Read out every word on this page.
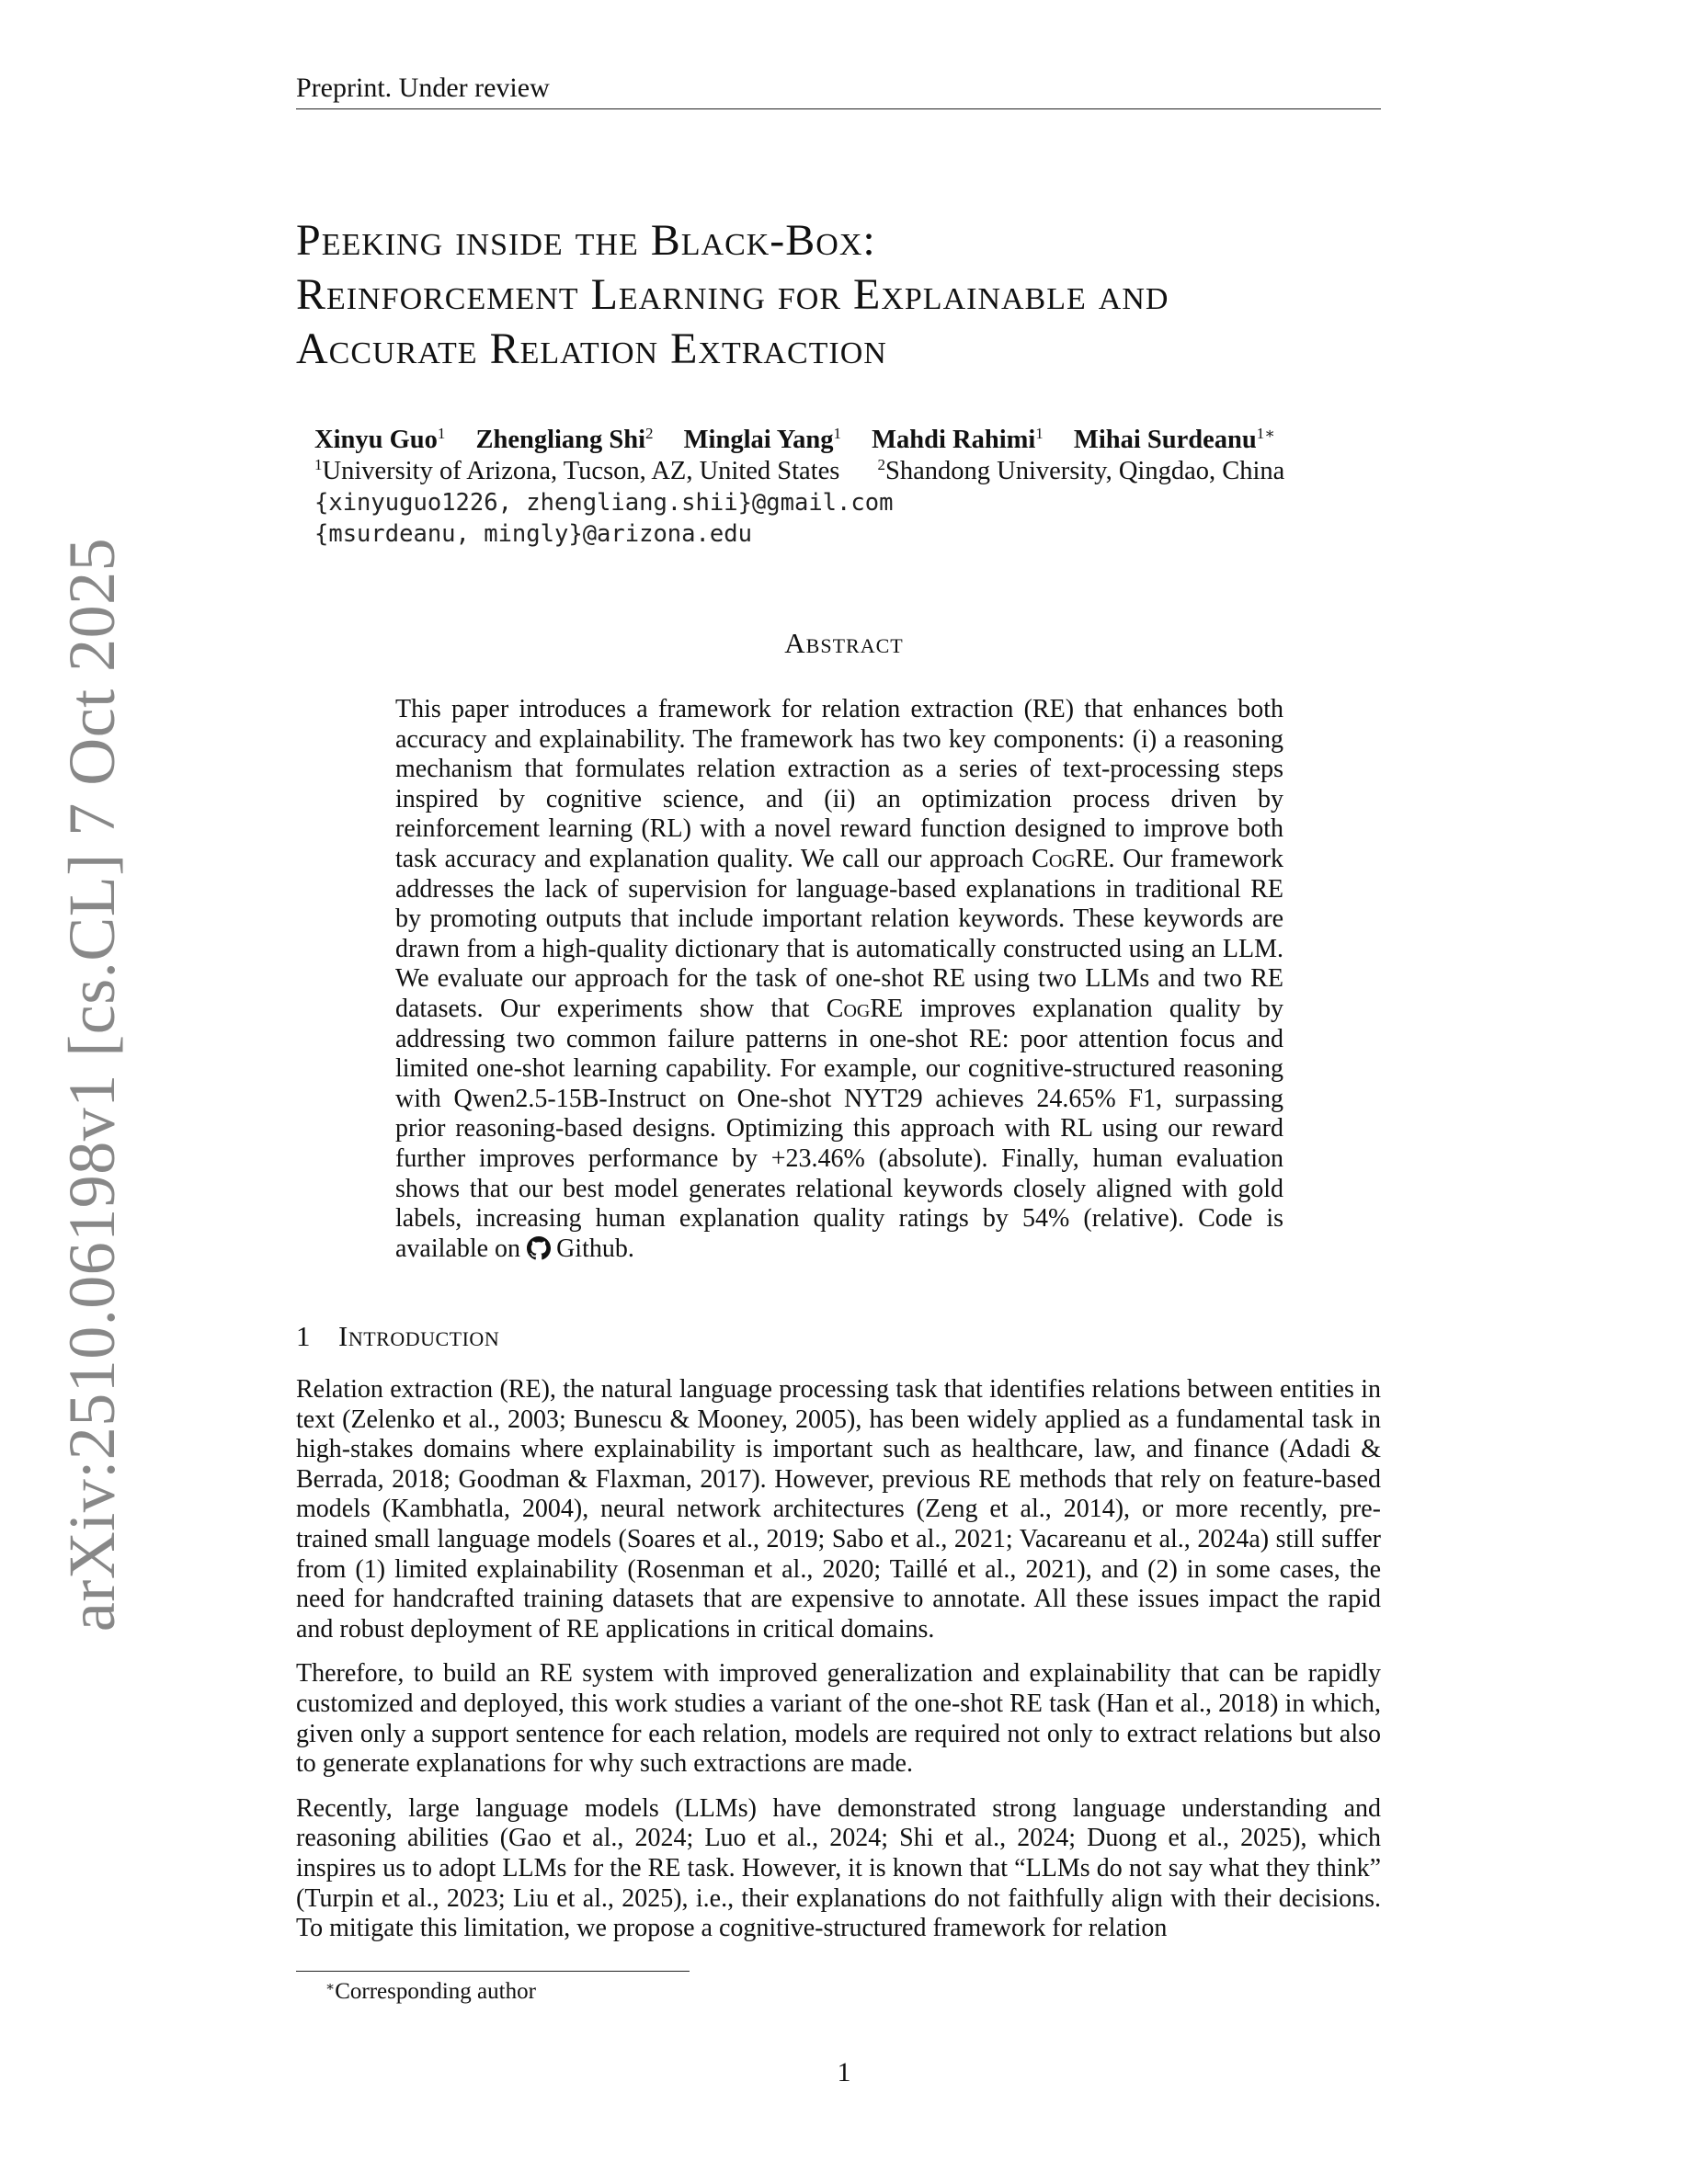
Preprint. Under review
arXiv:2510.06198v1 [cs.CL] 7 Oct 2025
Peeking inside the Black-Box:
Reinforcement Learning for Explainable and
Accurate Relation Extraction
Xinyu Guo$^1$ Zhengliang Shi$^2$ Minglai Yang$^1$ Mahdi Rahimi$^1$ Mihai Surdeanu$^{1∗}$
$^1$University of Arizona, Tucson, AZ, United States $^2$Shandong University, Qingdao, China
{xinyuguo1226, zhengliang.shii}@gmail.com
{msurdeanu, mingly}@arizona.edu
Abstract
This paper introduces a framework for relation extraction (RE) that enhances both accuracy and explainability. The framework has two key components: (i) a reasoning mechanism that formulates relation extraction as a series of text-processing steps inspired by cognitive science, and (ii) an optimization process driven by reinforcement learning (RL) with a novel reward function designed to improve both task accuracy and explanation quality. We call our approach CogRE. Our framework addresses the lack of supervision for language-based explanations in traditional RE by promoting outputs that include important relation keywords. These keywords are drawn from a high-quality dictionary that is automatically constructed using an LLM. We evaluate our approach for the task of one-shot RE using two LLMs and two RE datasets. Our experiments show that CogRE improves explanation quality by addressing two common failure patterns in one-shot RE: poor attention focus and limited one-shot learning capability. For example, our cognitive-structured reasoning with Qwen2.5-15B-Instruct on One-shot NYT29 achieves 24.65% F1, surpassing prior reasoning-based designs. Optimizing this approach with RL using our reward further improves performance by +23.46% (absolute). Finally, human evaluation shows that our best model generates relational keywords closely aligned with gold labels, increasing human explanation quality ratings by 54% (relative). Code is available on Github.
1 Introduction

Relation extraction (RE), the natural language processing task that identifies relations between entities in text (Zelenko et al., 2003; Bunescu & Mooney, 2005), has been widely applied as a fundamental task in high-stakes domains where explainability is important such as healthcare, law, and finance (Adadi & Berrada, 2018; Goodman & Flaxman, 2017). However, previous RE methods that rely on feature-based models (Kambhatla, 2004), neural network architectures (Zeng et al., 2014), or more recently, pre-trained small language models (Soares et al., 2019; Sabo et al., 2021; Vacareanu et al., 2024a) still suffer from (1) limited explainability (Rosenman et al., 2020; Taillé et al., 2021), and (2) in some cases, the need for handcrafted training datasets that are expensive to annotate. All these issues impact the rapid and robust deployment of RE applications in critical domains.

Therefore, to build an RE system with improved generalization and explainability that can be rapidly customized and deployed, this work studies a variant of the one-shot RE task (Han et al., 2018) in which, given only a support sentence for each relation, models are required not only to extract relations but also to generate explanations for why such extractions are made.

Recently, large language models (LLMs) have demonstrated strong language understanding and reasoning abilities (Gao et al., 2024; Luo et al., 2024; Shi et al., 2024; Duong et al., 2025), which inspires us to adopt LLMs for the RE task. However, it is known that “LLMs do not say what they think” (Turpin et al., 2023; Liu et al., 2025), i.e., their explanations do not faithfully align with their decisions. To mitigate this limitation, we propose a cognitive-structured framework for relation

∗Corresponding author
1
